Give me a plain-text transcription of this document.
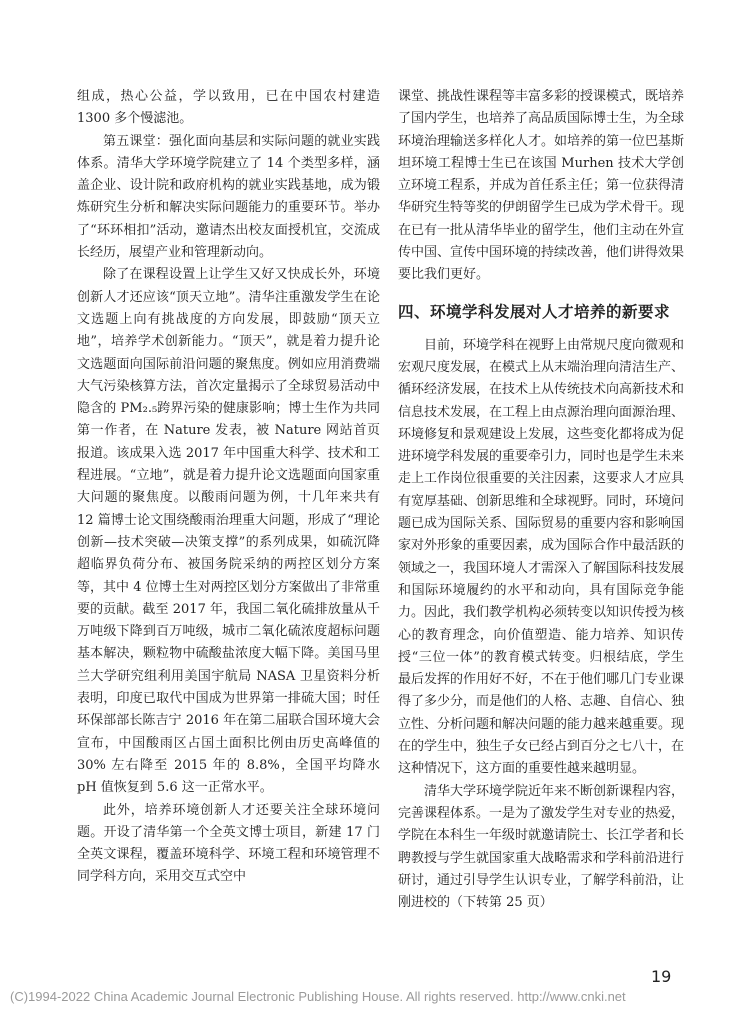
组成，热心公益，学以致用，已在中国农村建造 1300 多个慢滤池。

第五课堂：强化面向基层和实际问题的就业实践体系。清华大学环境学院建立了 14 个类型多样，涵盖企业、设计院和政府机构的就业实践基地，成为锻炼研究生分析和解决实际问题能力的重要环节。举办了“环环相扣”活动，邀请杰出校友面授机宜，交流成长经历，展望产业和管理新动向。

除了在课程设置上让学生又好又快成长外，环境创新人才还应该“顶天立地”。清华注重激发学生在论文选题上向有挑战度的方向发展，即鼓励“顶天立地”，培养学术创新能力。“顶天”，就是着力提升论文选题面向国际前沿问题的聚焦度。例如应用消费端大气污染核算方法，首次定量揭示了全球贸易活动中隐含的 PM₂.₅跨界污染的健康影响；博士生作为共同第一作者，在 Nature 发表，被 Nature 网站首页报道。该成果入选 2017 年中国重大科学、技术和工程进展。“立地”，就是着力提升论文选题面向国家重大问题的聚焦度。以酸雨问题为例，十几年来共有 12 篇博士论文围绕酸雨治理重大问题，形成了“理论创新—技术突破—决策支撑”的系列成果，如硫沉降超临界负荷分布、被国务院采纳的两控区划分方案等，其中 4 位博士生对两控区划分方案做出了非常重要的贡献。截至 2017 年，我国二氧化硫排放量从千万吨级下降到百万吨级，城市二氧化硫浓度超标问题基本解决，颗粒物中硫酸盐浓度大幅下降。美国马里兰大学研究组利用美国宇航局 NASA 卫星资料分析表明，印度已取代中国成为世界第一排硫大国；时任环保部部长陈吉宁 2016 年在第二届联合国环境大会宣布，中国酸雨区占国土面积比例由历史高峰值的 30% 左右降至 2015 年的 8.8%，全国平均降水 pH 值恢复到 5.6 这一正常水平。

此外，培养环境创新人才还要关注全球环境问题。开设了清华第一个全英文博士项目，新建 17 门全英文课程，覆盖环境科学、环境工程和环境管理不同学科方向，采用交互式空中

课堂、挑战性课程等丰富多彩的授课模式，既培养了国内学生，也培养了高品质国际博士生，为全球环境治理输送多样化人才。如培养的第一位巴基斯坦环境工程博士生已在该国 Murhen 技术大学创立环境工程系，并成为首任系主任；第一位获得清华研究生特等奖的伊朗留学生已成为学术骨干。现在已有一批从清华毕业的留学生，他们主动在外宣传中国、宣传中国环境的持续改善，他们讲得效果要比我们更好。

四、环境学科发展对人才培养的新要求

目前，环境学科在视野上由常规尺度向微观和宏观尺度发展，在模式上从末端治理向清洁生产、循环经济发展，在技术上从传统技术向高新技术和信息技术发展，在工程上由点源治理向面源治理、环境修复和景观建设上发展，这些变化都将成为促进环境学科发展的重要牵引力，同时也是学生未来走上工作岗位很重要的关注因素，这要求人才应具有宽厚基础、创新思维和全球视野。同时，环境问题已成为国际关系、国际贸易的重要内容和影响国家对外形象的重要因素，成为国际合作中最活跃的领域之一，我国环境人才需深入了解国际科技发展和国际环境履约的水平和动向，具有国际竞争能力。因此，我们教学机构必须转变以知识传授为核心的教育理念，向价值塑造、能力培养、知识传授“三位一体”的教育模式转变。归根结底，学生最后发挥的作用好不好，不在于他们哪几门专业课得了多少分，而是他们的人格、志趣、自信心、独立性、分析问题和解决问题的能力越来越重要。现在的学生中，独生子女已经占到百分之七八十，在这种情况下，这方面的重要性越来越明显。

清华大学环境学院近年来不断创新课程内容，完善课程体系。一是为了激发学生对专业的热爱，学院在本科生一年级时就邀请院士、长江学者和长聘教授与学生就国家重大战略需求和学科前沿进行研讨，通过引导学生认识专业，了解学科前沿，让刚进校的（下转第 25 页）

19
(C)1994-2022 China Academic Journal Electronic Publishing House. All rights reserved. http://www.cnki.net
